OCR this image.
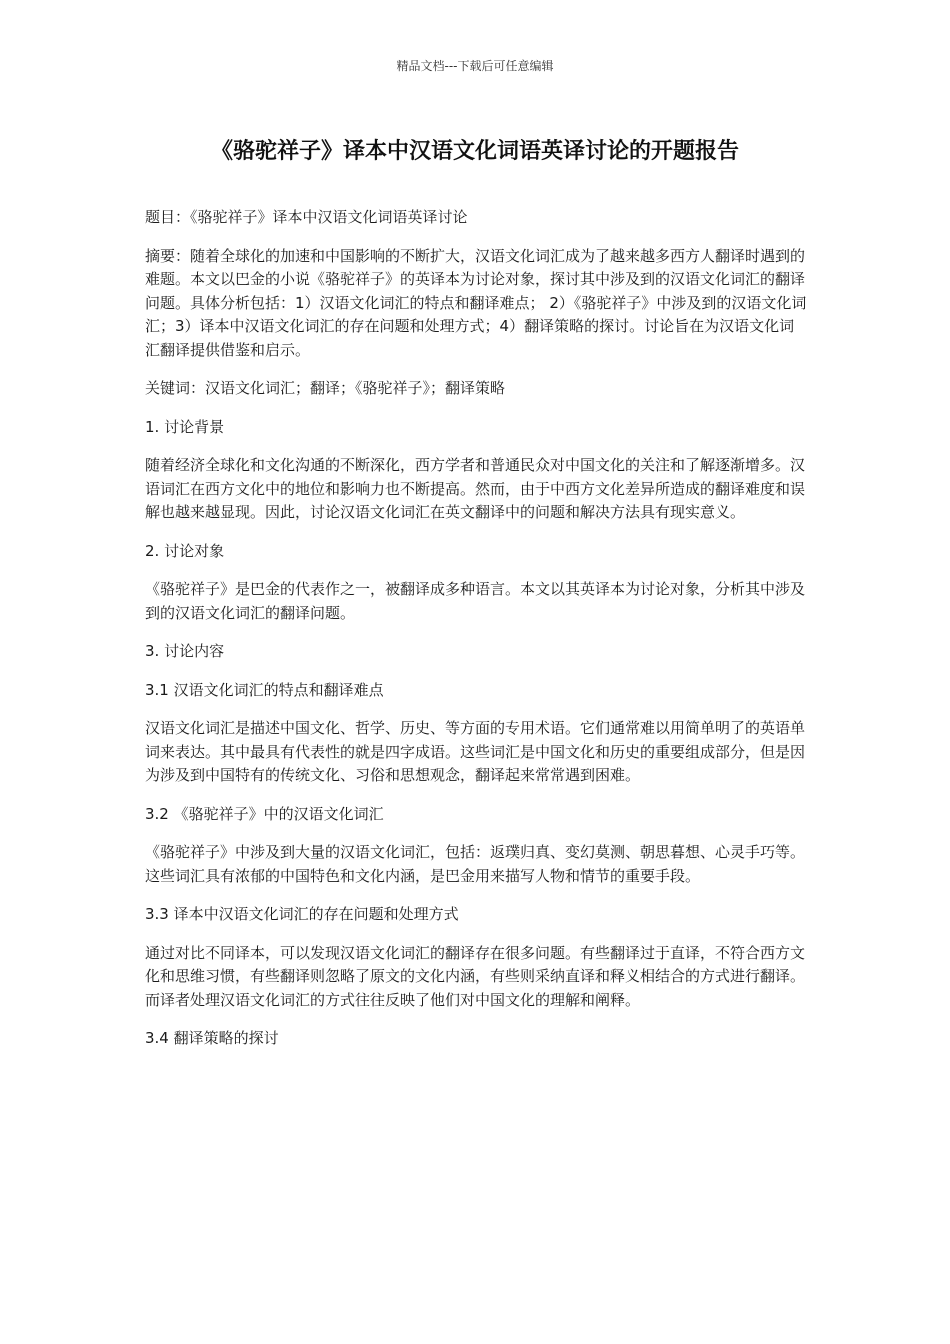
精品文档---下载后可任意编辑
《骆驼祥子》译本中汉语文化词语英译讨论的开题报告

题目：《骆驼祥子》译本中汉语文化词语英译讨论

摘要：随着全球化的加速和中国影响的不断扩大，汉语文化词汇成为了越来越多西方人翻译时遇到的难题。本文以巴金的小说《骆驼祥子》的英译本为讨论对象，探讨其中涉及到的汉语文化词汇的翻译问题。具体分析包括：1）汉语文化词汇的特点和翻译难点； 2）《骆驼祥子》中涉及到的汉语文化词汇；3）译本中汉语文化词汇的存在问题和处理方式；4）翻译策略的探讨。讨论旨在为汉语文化词汇翻译提供借鉴和启示。

关键词：汉语文化词汇；翻译；《骆驼祥子》；翻译策略

1. 讨论背景

随着经济全球化和文化沟通的不断深化，西方学者和普通民众对中国文化的关注和了解逐渐增多。汉语词汇在西方文化中的地位和影响力也不断提高。然而，由于中西方文化差异所造成的翻译难度和误解也越来越显现。因此，讨论汉语文化词汇在英文翻译中的问题和解决方法具有现实意义。

2. 讨论对象

《骆驼祥子》是巴金的代表作之一，被翻译成多种语言。本文以其英译本为讨论对象，分析其中涉及到的汉语文化词汇的翻译问题。

3. 讨论内容

3.1 汉语文化词汇的特点和翻译难点

汉语文化词汇是描述中国文化、哲学、历史、等方面的专用术语。它们通常难以用简单明了的英语单词来表达。其中最具有代表性的就是四字成语。这些词汇是中国文化和历史的重要组成部分，但是因为涉及到中国特有的传统文化、习俗和思想观念，翻译起来常常遇到困难。

3.2 《骆驼祥子》中的汉语文化词汇

《骆驼祥子》中涉及到大量的汉语文化词汇，包括：返璞归真、变幻莫测、朝思暮想、心灵手巧等。这些词汇具有浓郁的中国特色和文化内涵，是巴金用来描写人物和情节的重要手段。

3.3 译本中汉语文化词汇的存在问题和处理方式

通过对比不同译本，可以发现汉语文化词汇的翻译存在很多问题。有些翻译过于直译，不符合西方文化和思维习惯，有些翻译则忽略了原文的文化内涵，有些则采纳直译和释义相结合的方式进行翻译。而译者处理汉语文化词汇的方式往往反映了他们对中国文化的理解和阐释。

3.4 翻译策略的探讨
